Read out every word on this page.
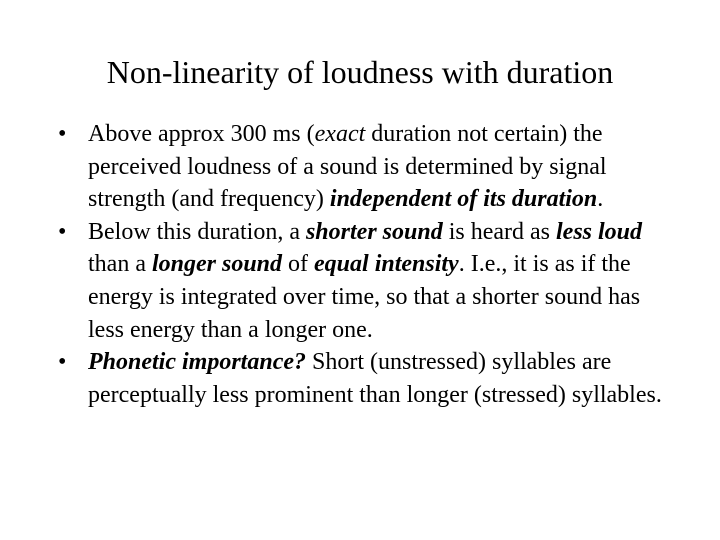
Non-linearity of loudness with duration
• Above approx 300 ms (exact duration not certain) the perceived loudness of a sound is determined by signal strength (and frequency) independent of its duration.
• Below this duration, a shorter sound is heard as less loud than a longer sound of equal intensity. I.e., it is as if the energy is integrated over time, so that a shorter sound has less energy than a longer one.
• Phonetic importance? Short (unstressed) syllables are perceptually less prominent than longer (stressed) syllables.
